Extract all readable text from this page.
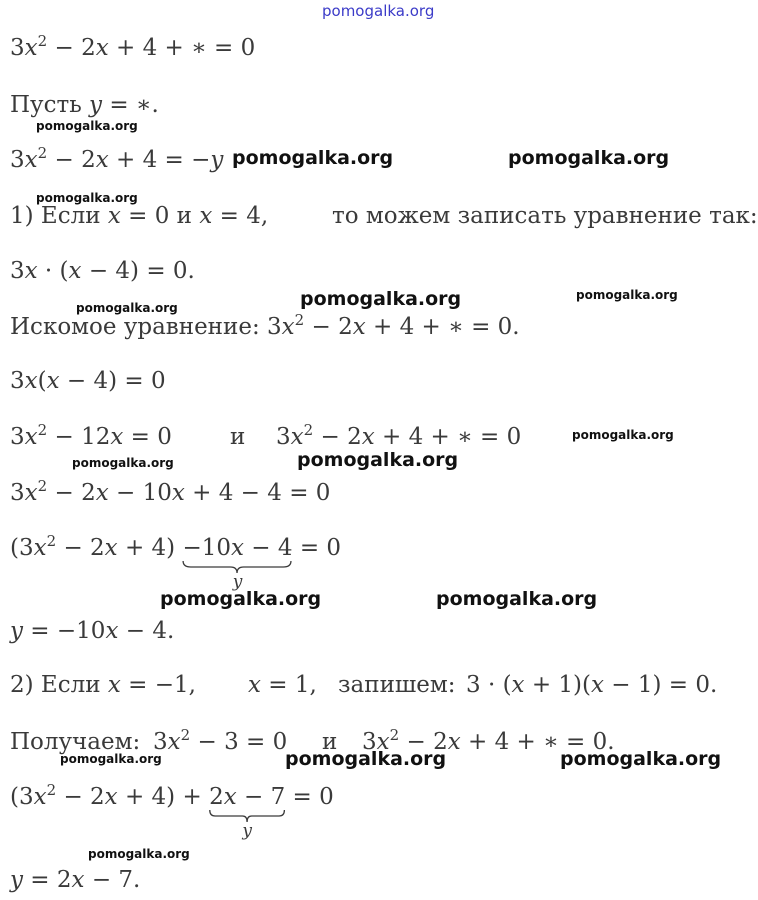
pomogalka.org
$3x^2 - 2x + 4$ + ∗ = 0
Пусть y = ∗.
$3x^2 - 2x + 4 = -y$
1) Если x = 0 и x = 4,	то можем записать уравнение так:
3x · (x − 4) = 0.
Искомое уравнение: $3x^2 - 2x + 4$ + ∗ = 0.
3x(x − 4) = 0
$3x^2 - 12x = 0$	и $3x^2 - 2x + 4$ + ∗ = 0
$3x^2 - 2x - 10x + 4 - 4 = 0$
$(3x^2 - 2x + 4) -10x - 4$
y
= 0
y = −10x − 4.
2) Если x = −1, x = 1, запишем: 3 · (x + 1)(x − 1) = 0.
Получаем: $3x^2 - 3 = 0$ и $3x^2 - 2x + 4$ + ∗ = 0.
$(3x^2 - 2x + 4) + 2x - 7$
y
= 0
y = 2x − 7.
pomogalka.org
pomogalka.org	pomogalka.org
pomogalka.org
pomogalka.org	pomogalka.org	pomogalka.org
pomogalka.org
pomogalka.org	pomogalka.org
pomogalka.org	pomogalka.org
pomogalka.org	pomogalka.org	pomogalka.org
pomogalka.org
